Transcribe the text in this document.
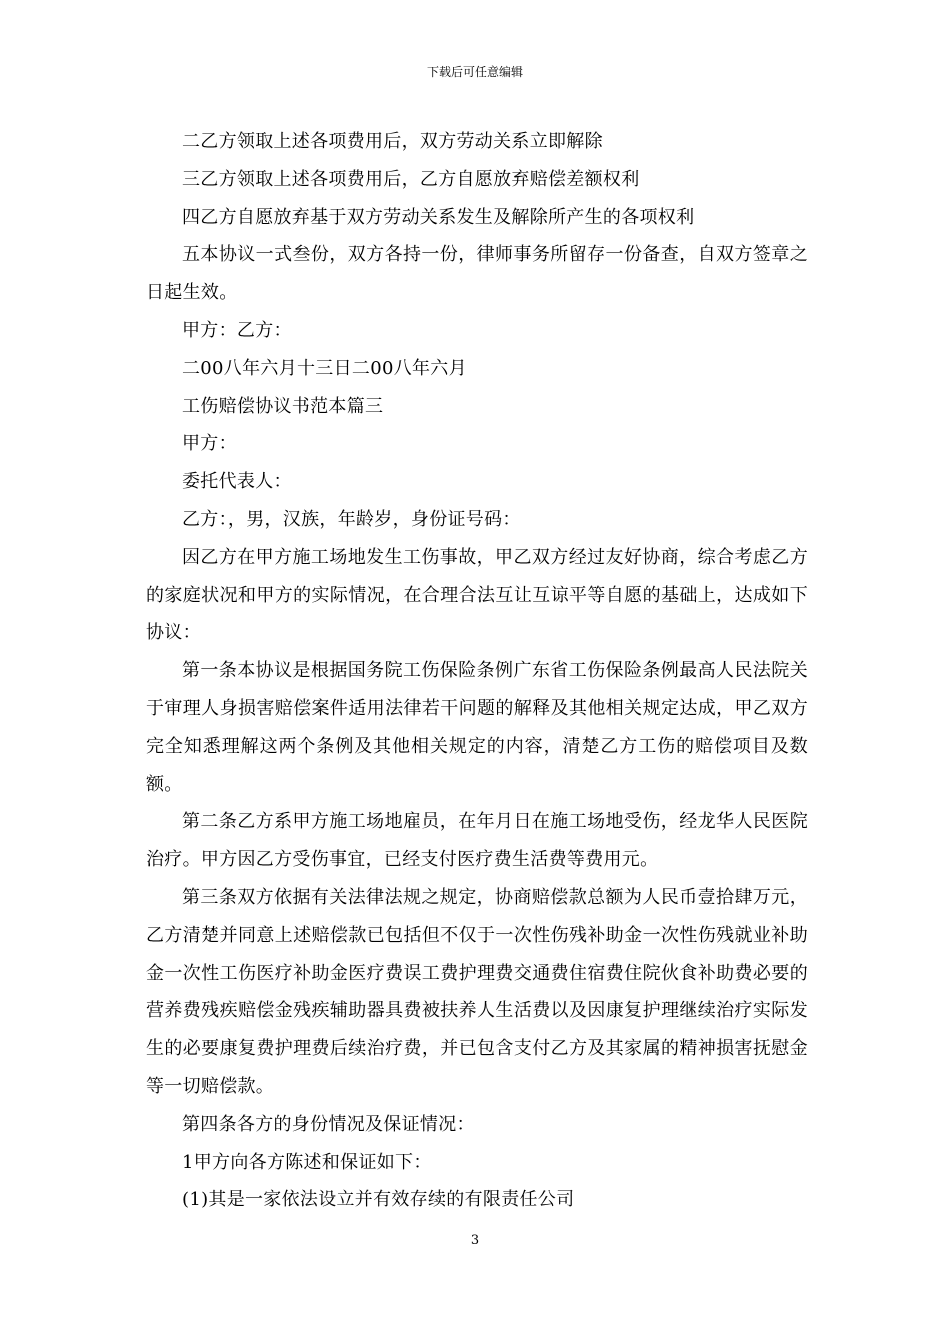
下载后可任意编辑

二乙方领取上述各项费用后，双方劳动关系立即解除

三乙方领取上述各项费用后，乙方自愿放弃赔偿差额权利

四乙方自愿放弃基于双方劳动关系发生及解除所产生的各项权利

五本协议一式叁份，双方各持一份，律师事务所留存一份备查，自双方签章之日起生效。

甲方：乙方：

二00八年六月十三日二00八年六月

工伤赔偿协议书范本篇三

甲方：

委托代表人：

乙方：，男，汉族，年龄岁，身份证号码：

因乙方在甲方施工场地发生工伤事故，甲乙双方经过友好协商，综合考虑乙方的家庭状况和甲方的实际情况，在合理合法互让互谅平等自愿的基础上，达成如下协议：

第一条本协议是根据国务院工伤保险条例广东省工伤保险条例最高人民法院关于审理人身损害赔偿案件适用法律若干问题的解释及其他相关规定达成，甲乙双方完全知悉理解这两个条例及其他相关规定的内容，清楚乙方工伤的赔偿项目及数额。

第二条乙方系甲方施工场地雇员，在年月日在施工场地受伤，经龙华人民医院治疗。甲方因乙方受伤事宜，已经支付医疗费生活费等费用元。

第三条双方依据有关法律法规之规定，协商赔偿款总额为人民币壹拾肆万元，乙方清楚并同意上述赔偿款已包括但不仅于一次性伤残补助金一次性伤残就业补助金一次性工伤医疗补助金医疗费误工费护理费交通费住宿费住院伙食补助费必要的营养费残疾赔偿金残疾辅助器具费被扶养人生活费以及因康复护理继续治疗实际发生的必要康复费护理费后续治疗费，并已包含支付乙方及其家属的精神损害抚慰金等一切赔偿款。

第四条各方的身份情况及保证情况：

1甲方向各方陈述和保证如下：

(1)其是一家依法设立并有效存续的有限责任公司

3
